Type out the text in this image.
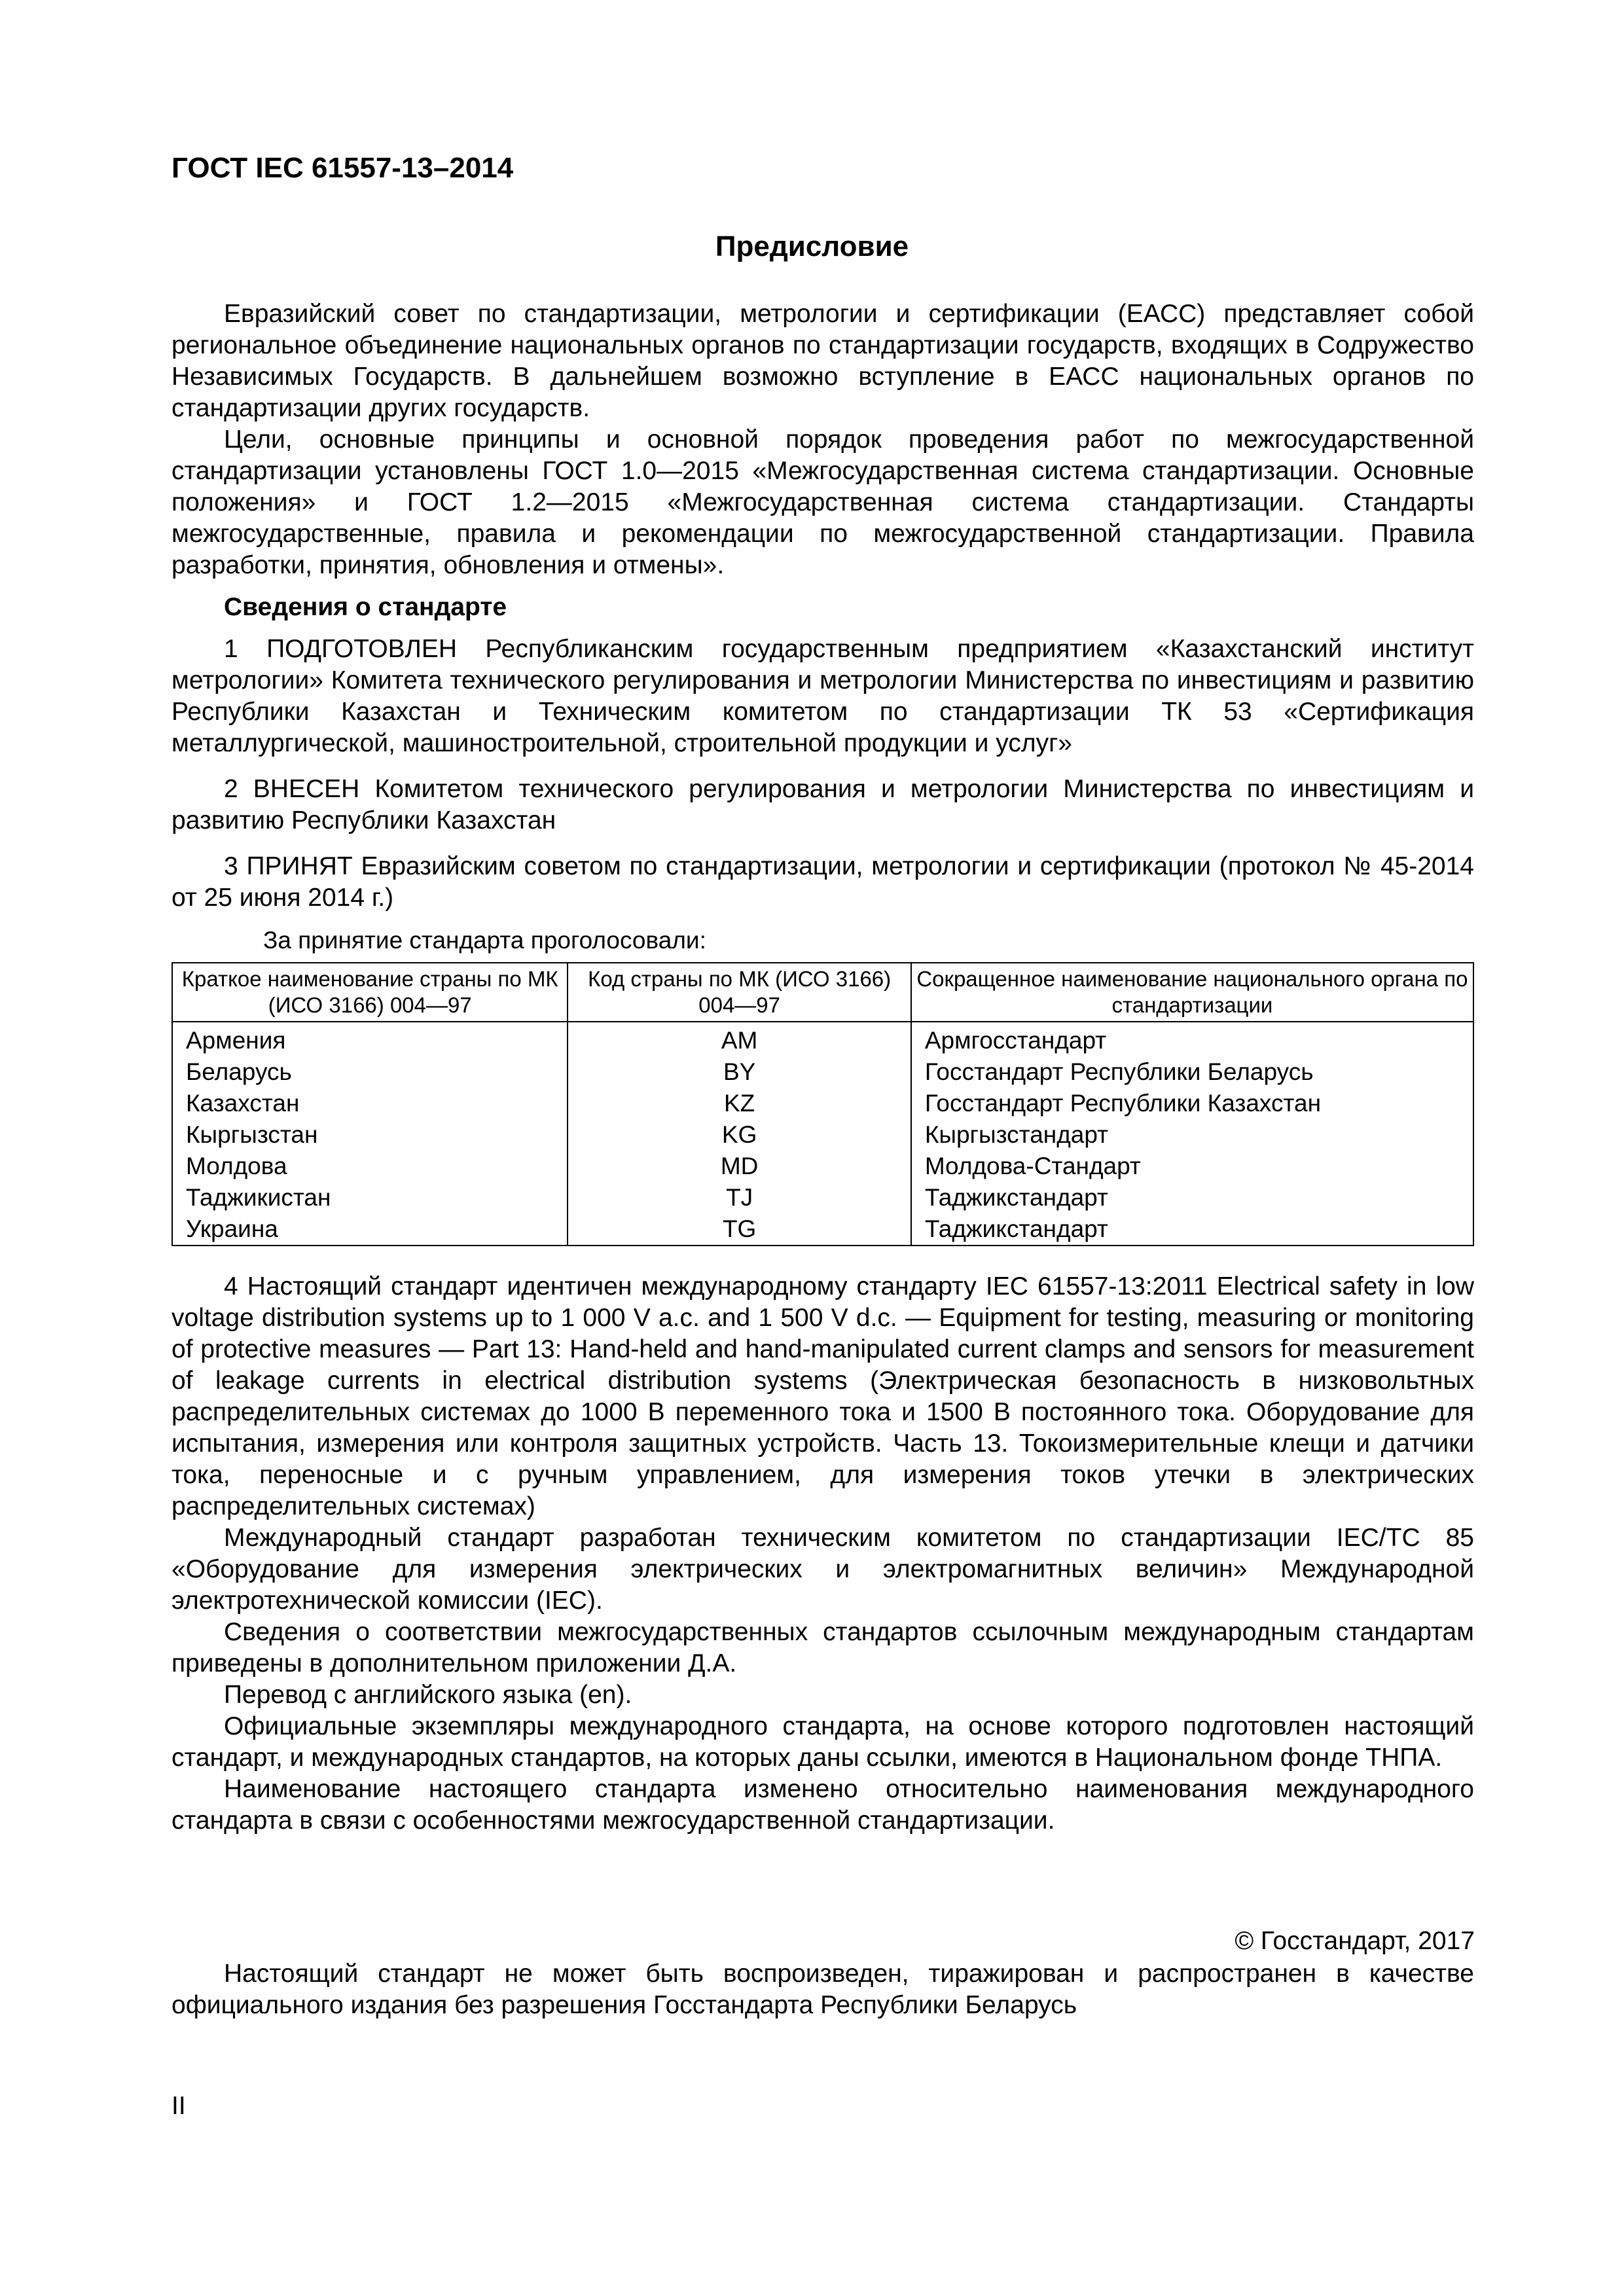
ГОСТ IEC 61557-13–2014
Предисловие

Евразийский совет по стандартизации, метрологии и сертификации (ЕАСС) представляет собой региональное объединение национальных органов по стандартизации государств, входящих в Содружество Независимых Государств. В дальнейшем возможно вступление в ЕАСС национальных органов по стандартизации других государств.

Цели, основные принципы и основной порядок проведения работ по межгосударственной стандартизации установлены ГОСТ 1.0—2015 «Межгосударственная система стандартизации. Основные положения» и ГОСТ 1.2—2015 «Межгосударственная система стандартизации. Стандарты межгосударственные, правила и рекомендации по межгосударственной стандартизации. Правила разработки, принятия, обновления и отмены».

Сведения о стандарте

1 ПОДГОТОВЛЕН Республиканским государственным предприятием «Казахстанский институт метрологии» Комитета технического регулирования и метрологии Министерства по инвестициям и развитию Республики Казахстан и Техническим комитетом по стандартизации ТК 53 «Сертификация металлургической, машиностроительной, строительной продукции и услуг»

2 ВНЕСЕН Комитетом технического регулирования и метрологии Министерства по инвестициям и развитию Республики Казахстан

3 ПРИНЯТ Евразийским советом по стандартизации, метрологии и сертификации (протокол № 45-2014 от 25 июня 2014 г.)

За принятие стандарта проголосовали:
Краткое наименование страны по МК (ИСО 3166) 004—97	Код страны по МК (ИСО 3166) 004—97	Сокращенное наименование национального органа по стандартизации
Армения	AM	Армгосстандарт
Беларусь	BY	Госстандарт Республики Беларусь
Казахстан	KZ	Госстандарт Республики Казахстан
Кыргызстан	KG	Кыргызстандарт
Молдова	MD	Молдова-Стандарт
Таджикистан	TJ	Таджикстандарт
Украина	TG	Таджикстандарт

4 Настоящий стандарт идентичен международному стандарту IEC 61557-13:2011 Electrical safety in low voltage distribution systems up to 1 000 V a.c. and 1 500 V d.c. — Equipment for testing, measuring or monitoring of protective measures — Part 13: Hand-held and hand-manipulated current clamps and sensors for measurement of leakage currents in electrical distribution systems (Электрическая безопасность в низковольтных распределительных системах до 1000 В переменного тока и 1500 В постоянного тока. Оборудование для испытания, измерения или контроля защитных устройств. Часть 13. Токоизмерительные клещи и датчики тока, переносные и с ручным управлением, для измерения токов утечки в электрических распределительных системах)

Международный стандарт разработан техническим комитетом по стандартизации IEC/TC 85 «Оборудование для измерения электрических и электромагнитных величин» Международной электротехнической комиссии (IEC).

Сведения о соответствии межгосударственных стандартов ссылочным международным стандартам приведены в дополнительном приложении Д.А.

Перевод с английского языка (en).

Официальные экземпляры международного стандарта, на основе которого подготовлен настоящий стандарт, и международных стандартов, на которых даны ссылки, имеются в Национальном фонде ТНПА.

Наименование настоящего стандарта изменено относительно наименования международного стандарта в связи с особенностями межгосударственной стандартизации.

© Госстандарт, 2017

Настоящий стандарт не может быть воспроизведен, тиражирован и распространен в качестве официального издания без разрешения Госстандарта Республики Беларусь

II
